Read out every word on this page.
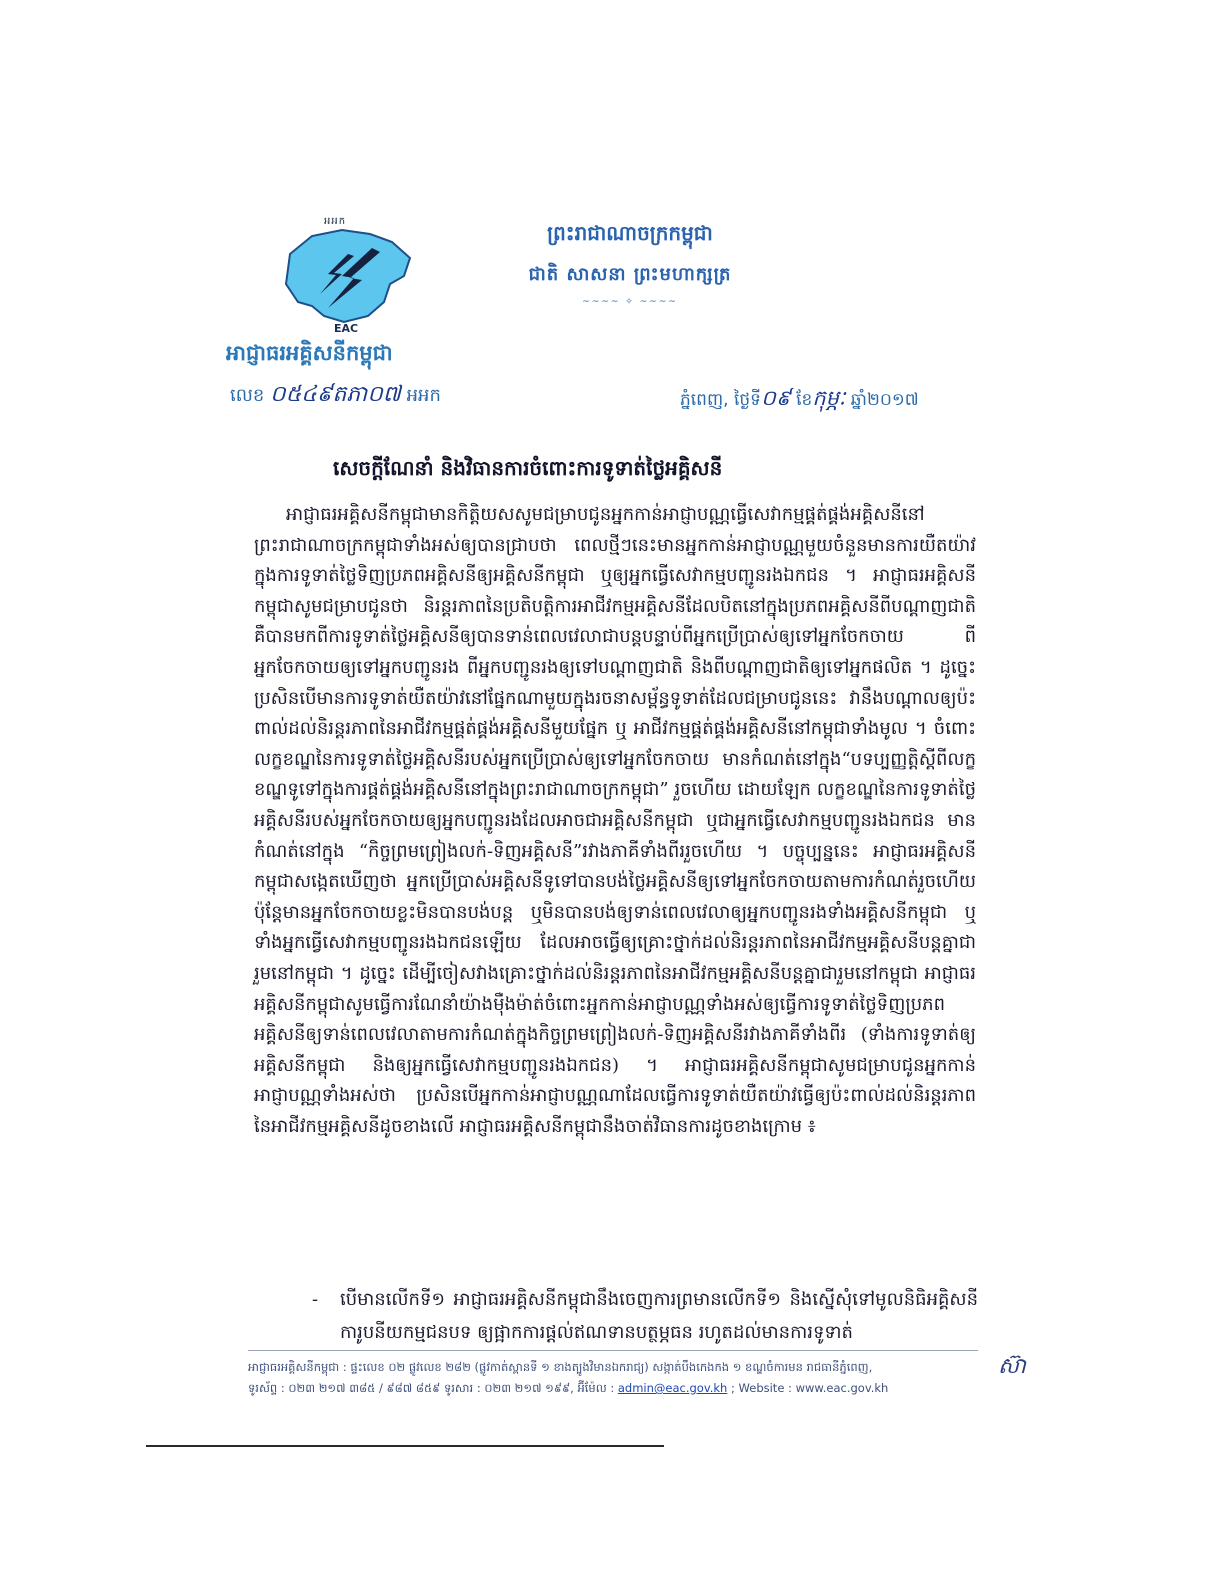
អអក
EAC
អាជ្ញាធរអគ្គិសនីកម្ពុជា
លេខ ០៥៤៩តភា០៧ អអក
ព្រះរាជាណាចក្រកម្ពុជា
ជាតិ សាសនា ព្រះមហាក្សត្រ
~~~~ ✧ ~~~~
ភ្នំពេញ, ថ្ងៃទី០៩ ខែកុម្ភៈ ឆ្នាំ២០១៧
សេចក្តីណែនាំ និងវិធានការចំពោះការទូទាត់ថ្លៃអគ្គិសនី

អាជ្ញាធរអគ្គិសនីកម្ពុជាមានកិត្តិយសសូមជម្រាបជូនអ្នកកាន់អាជ្ញាបណ្ណធ្វើសេវាកម្មផ្គត់ផ្គង់អគ្គិសនីនៅព្រះរាជាណាចក្រកម្ពុជាទាំងអស់ឲ្យបានជ្រាបថា ពេលថ្មីៗនេះមានអ្នកកាន់អាជ្ញាបណ្ណមួយចំនួនមានការយឺតយ៉ាវក្នុងការទូទាត់ថ្លៃទិញប្រភពអគ្គិសនីឲ្យអគ្គិសនីកម្ពុជា ឬឲ្យអ្នកធ្វើសេវាកម្មបញ្ជូនរងឯកជន ។ អាជ្ញាធរអគ្គិសនីកម្ពុជាសូមជម្រាបជូនថា និរន្តរភាពនៃប្រតិបត្តិការអាជីវកម្មអគ្គិសនីដែលបិតនៅក្នុងប្រភពអគ្គិសនីពីបណ្តាញជាតិ គឺបានមកពីការទូទាត់ថ្លៃអគ្គិសនីឲ្យបានទាន់ពេលវេលាជាបន្តបន្ទាប់ពីអ្នកប្រើប្រាស់ឲ្យទៅអ្នកចែកចាយ ពីអ្នកចែកចាយឲ្យទៅអ្នកបញ្ជូនរង ពីអ្នកបញ្ជូនរងឲ្យទៅបណ្តាញជាតិ និងពីបណ្តាញជាតិឲ្យទៅអ្នកផលិត ។ ដូច្នេះ ប្រសិនបើមានការទូទាត់យឺតយ៉ាវនៅផ្នែកណាមួយក្នុងរចនាសម្ព័ន្ធទូទាត់ដែលជម្រាបជូននេះ វានឹងបណ្តាលឲ្យប៉ះពាល់ដល់និរន្តរភាពនៃអាជីវកម្មផ្គត់ផ្គង់អគ្គិសនីមួយផ្នែក ឬ អាជីវកម្មផ្គត់ផ្គង់អគ្គិសនីនៅកម្ពុជាទាំងមូល ។ ចំពោះលក្ខខណ្ឌនៃការទូទាត់ថ្លៃអគ្គិសនីរបស់អ្នកប្រើប្រាស់ឲ្យទៅអ្នកចែកចាយ មានកំណត់នៅក្នុង“បទប្បញ្ញត្តិស្តីពីលក្ខខណ្ឌទូទៅក្នុងការផ្គត់ផ្គង់អគ្គិសនីនៅក្នុងព្រះរាជាណាចក្រកម្ពុជា” រួចហើយ ដោយឡែក លក្ខខណ្ឌនៃការទូទាត់ថ្លៃអគ្គិសនីរបស់អ្នកចែកចាយឲ្យអ្នកបញ្ជូនរងដែលអាចជាអគ្គិសនីកម្ពុជា ឬជាអ្នកធ្វើសេវាកម្មបញ្ជូនរងឯកជន មានកំណត់នៅក្នុង “កិច្ចព្រមព្រៀងលក់-ទិញអគ្គិសនី”រវាងភាគីទាំងពីររួចហើយ ។ បច្ចុប្បន្ននេះ អាជ្ញាធរអគ្គិសនីកម្ពុជាសង្កេតឃើញថា អ្នកប្រើប្រាស់អគ្គិសនីទូទៅបានបង់ថ្លៃអគ្គិសនីឲ្យទៅអ្នកចែកចាយតាមការកំណត់រួចហើយ ប៉ុន្តែមានអ្នកចែកចាយខ្លះមិនបានបង់បន្ត ឬមិនបានបង់ឲ្យទាន់ពេលវេលាឲ្យអ្នកបញ្ជូនរងទាំងអគ្គិសនីកម្ពុជា ឬទាំងអ្នកធ្វើសេវាកម្មបញ្ជូនរងឯកជនឡើយ ដែលអាចធ្វើឲ្យគ្រោះថ្នាក់ដល់និរន្តរភាពនៃអាជីវកម្មអគ្គិសនីបន្តគ្នាជារួមនៅកម្ពុជា ។ ដូច្នេះ ដើម្បីចៀសវាងគ្រោះថ្នាក់ដល់និរន្តរភាពនៃអាជីវកម្មអគ្គិសនីបន្តគ្នាជារួមនៅកម្ពុជា អាជ្ញាធរអគ្គិសនីកម្ពុជាសូមធ្វើការណែនាំយ៉ាងម៉ឺងម៉ាត់ចំពោះអ្នកកាន់អាជ្ញាបណ្ណទាំងអស់ឲ្យធ្វើការទូទាត់ថ្លៃទិញប្រភពអគ្គិសនីឲ្យទាន់ពេលវេលាតាមការកំណត់ក្នុងកិច្ចព្រមព្រៀងលក់-ទិញអគ្គិសនីរវាងភាគីទាំងពីរ (ទាំងការទូទាត់ឲ្យអគ្គិសនីកម្ពុជា និងឲ្យអ្នកធ្វើសេវាកម្មបញ្ជូនរងឯកជន) ។ អាជ្ញាធរអគ្គិសនីកម្ពុជាសូមជម្រាបជូនអ្នកកាន់អាជ្ញាបណ្ណទាំងអស់ថា ប្រសិនបើអ្នកកាន់អាជ្ញាបណ្ណណាដែលធ្វើការទូទាត់យឺតយ៉ាវធ្វើឲ្យប៉ះពាល់ដល់និរន្តរភាពនៃអាជីវកម្មអគ្គិសនីដូចខាងលើ អាជ្ញាធរអគ្គិសនីកម្ពុជានឹងចាត់វិធានការដូចខាងក្រោម ៖

- បើមានលើកទី១ អាជ្ញាធរអគ្គិសនីកម្ពុជានឹងចេញការព្រមានលើកទី១ និងស្នើសុំទៅមូលនិធិអគ្គិសនីការូបនីយកម្មជនបទ ឲ្យផ្អាកការផ្តល់ឥណទានបត្ថម្ភធន រហូតដល់មានការទូទាត់
អាជ្ញាធរអគ្គិសនីកម្ពុជា : ផ្ទះលេខ ០២ ផ្លូវលេខ ២៨២ (ផ្លូវកាត់ស្ពានទី ១ ខាងត្បូងវិមានឯករាជ្យ) សង្កាត់បឹងកេងកង ១ ខណ្ឌចំការមន រាជធានីភ្នំពេញ,
ទូរស័ព្ទ : ០២៣ ២១៧ ៣៨៥ / ៩៨៧ ៨៥៩ ទូរសារ : ០២៣ ២១៧ ១៩៩, អ៊ីម៉ែល : admin@eac.gov.kh ; Website : www.eac.gov.kh
ស៊ា
